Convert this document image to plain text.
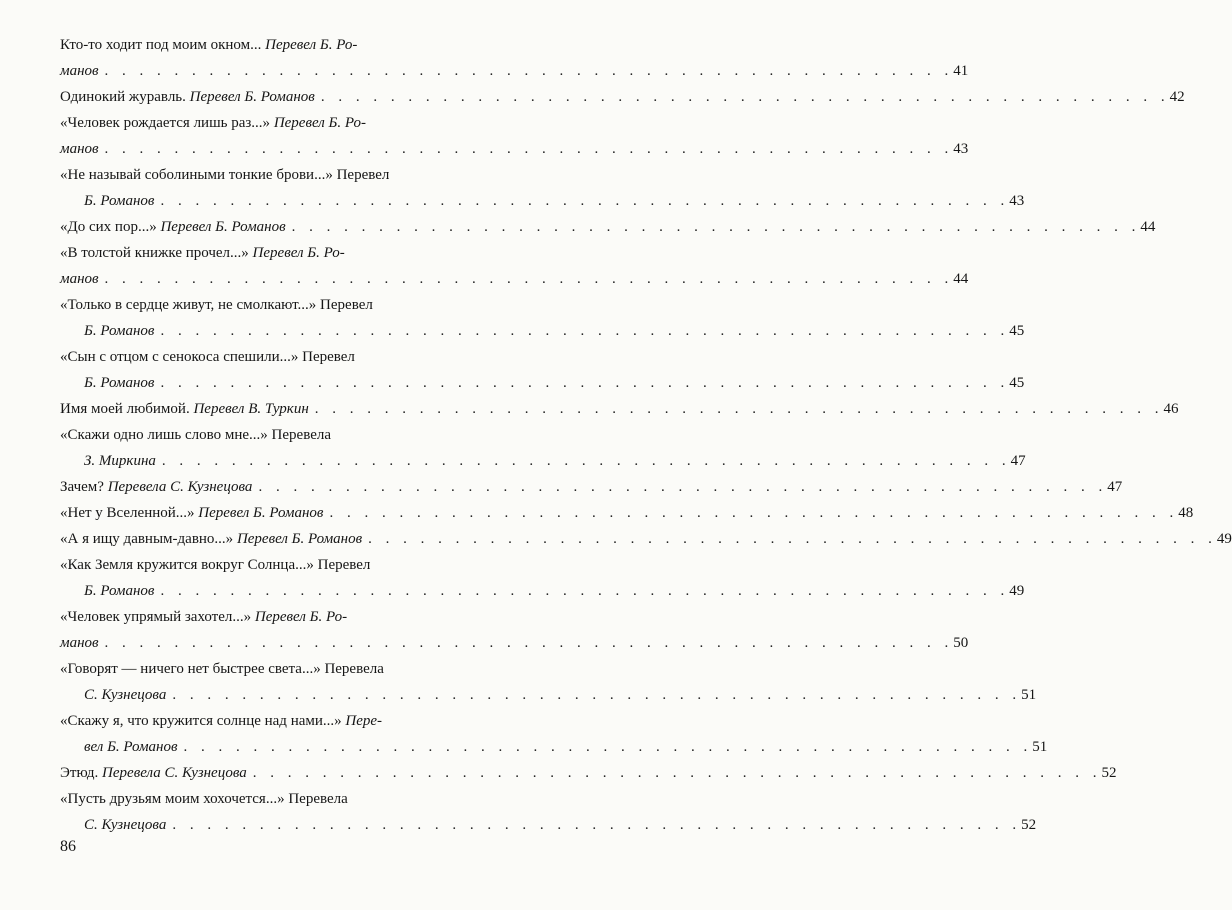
Кто-то ходит под моим окном... Перевел Б. Ро-
манов . . . . . . . . . . . . . . . . . . . . . . . . . . . . . . . . . . . . . . . . . . . . . . . . . 41
Одинокий журавль. Перевел Б. Романов . . . . . . . . . . . . . . . . . . . . . . . . . . . . . . . . . . . . . . . . . . . . . . . . . 42
«Человек рождается лишь раз...» Перевел Б. Ро-
манов . . . . . . . . . . . . . . . . . . . . . . . . . . . . . . . . . . . . . . . . . . . . . . . . . 43
«Не называй соболиными тонкие брови...» Перевел
Б. Романов . . . . . . . . . . . . . . . . . . . . . . . . . . . . . . . . . . . . . . . . . . . . . . . . . 43
«До сих пор...» Перевел Б. Романов . . . . . . . . . . . . . . . . . . . . . . . . . . . . . . . . . . . . . . . . . . . . . . . . . 44
«В толстой книжке прочел...» Перевел Б. Ро-
манов . . . . . . . . . . . . . . . . . . . . . . . . . . . . . . . . . . . . . . . . . . . . . . . . . 44
«Только в сердце живут, не смолкают...» Перевел
Б. Романов . . . . . . . . . . . . . . . . . . . . . . . . . . . . . . . . . . . . . . . . . . . . . . . . . 45
«Сын с отцом с сенокоса спешили...» Перевел
Б. Романов . . . . . . . . . . . . . . . . . . . . . . . . . . . . . . . . . . . . . . . . . . . . . . . . . 45
Имя моей любимой. Перевел В. Туркин . . . . . . . . . . . . . . . . . . . . . . . . . . . . . . . . . . . . . . . . . . . . . . . . . 46
«Скажи одно лишь слово мне...» Перевела
З. Миркина . . . . . . . . . . . . . . . . . . . . . . . . . . . . . . . . . . . . . . . . . . . . . . . . . 47
Зачем? Перевела С. Кузнецова . . . . . . . . . . . . . . . . . . . . . . . . . . . . . . . . . . . . . . . . . . . . . . . . . 47
«Нет у Вселенной...» Перевел Б. Романов . . . . . . . . . . . . . . . . . . . . . . . . . . . . . . . . . . . . . . . . . . . . . . . . . 48
«А я ищу давным-давно...» Перевел Б. Романов . . . . . . . . . . . . . . . . . . . . . . . . . . . . . . . . . . . . . . . . . . . . . . . . . 49
«Как Земля кружится вокруг Солнца...» Перевел
Б. Романов . . . . . . . . . . . . . . . . . . . . . . . . . . . . . . . . . . . . . . . . . . . . . . . . . 49
«Человек упрямый захотел...» Перевел Б. Ро-
манов . . . . . . . . . . . . . . . . . . . . . . . . . . . . . . . . . . . . . . . . . . . . . . . . . 50
«Говорят — ничего нет быстрее света...» Перевела
С. Кузнецова . . . . . . . . . . . . . . . . . . . . . . . . . . . . . . . . . . . . . . . . . . . . . . . . . 51
«Скажу я, что кружится солнце над нами...» Пере-
вел Б. Романов . . . . . . . . . . . . . . . . . . . . . . . . . . . . . . . . . . . . . . . . . . . . . . . . . 51
Этюд. Перевела С. Кузнецова . . . . . . . . . . . . . . . . . . . . . . . . . . . . . . . . . . . . . . . . . . . . . . . . . 52
«Пусть друзьям моим хохочется...» Перевела
С. Кузнецова . . . . . . . . . . . . . . . . . . . . . . . . . . . . . . . . . . . . . . . . . . . . . . . . . 52
86
